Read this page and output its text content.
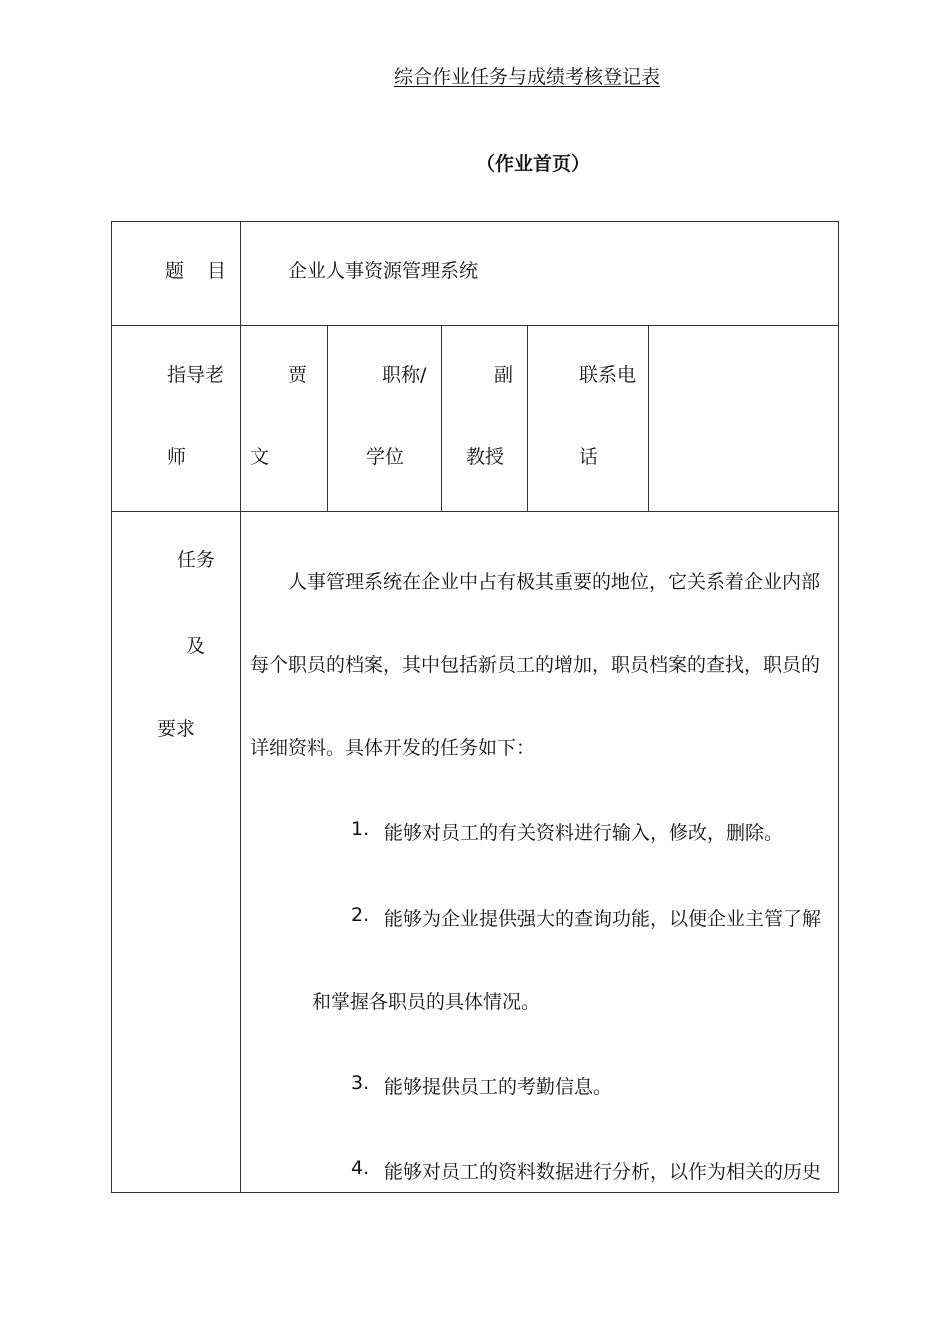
综合作业任务与成绩考核登记表
（作业首页）
题 目	企业人事资源管理系统
指导老
师
贾
文
职称/
学位
副
教授
联系电
话
任务
及
要求
人事管理系统在企业中占有极其重要的地位，它关系着企业内部
每个职员的档案，其中包括新员工的增加，职员档案的查找，职员的
详细资料。具体开发的任务如下：
1. 能够对员工的有关资料进行输入，修改，删除。
2. 能够为企业提供强大的查询功能，以便企业主管了解
和掌握各职员的具体情况。
3. 能够提供员工的考勤信息。
4. 能够对员工的资料数据进行分析，以作为相关的历史
